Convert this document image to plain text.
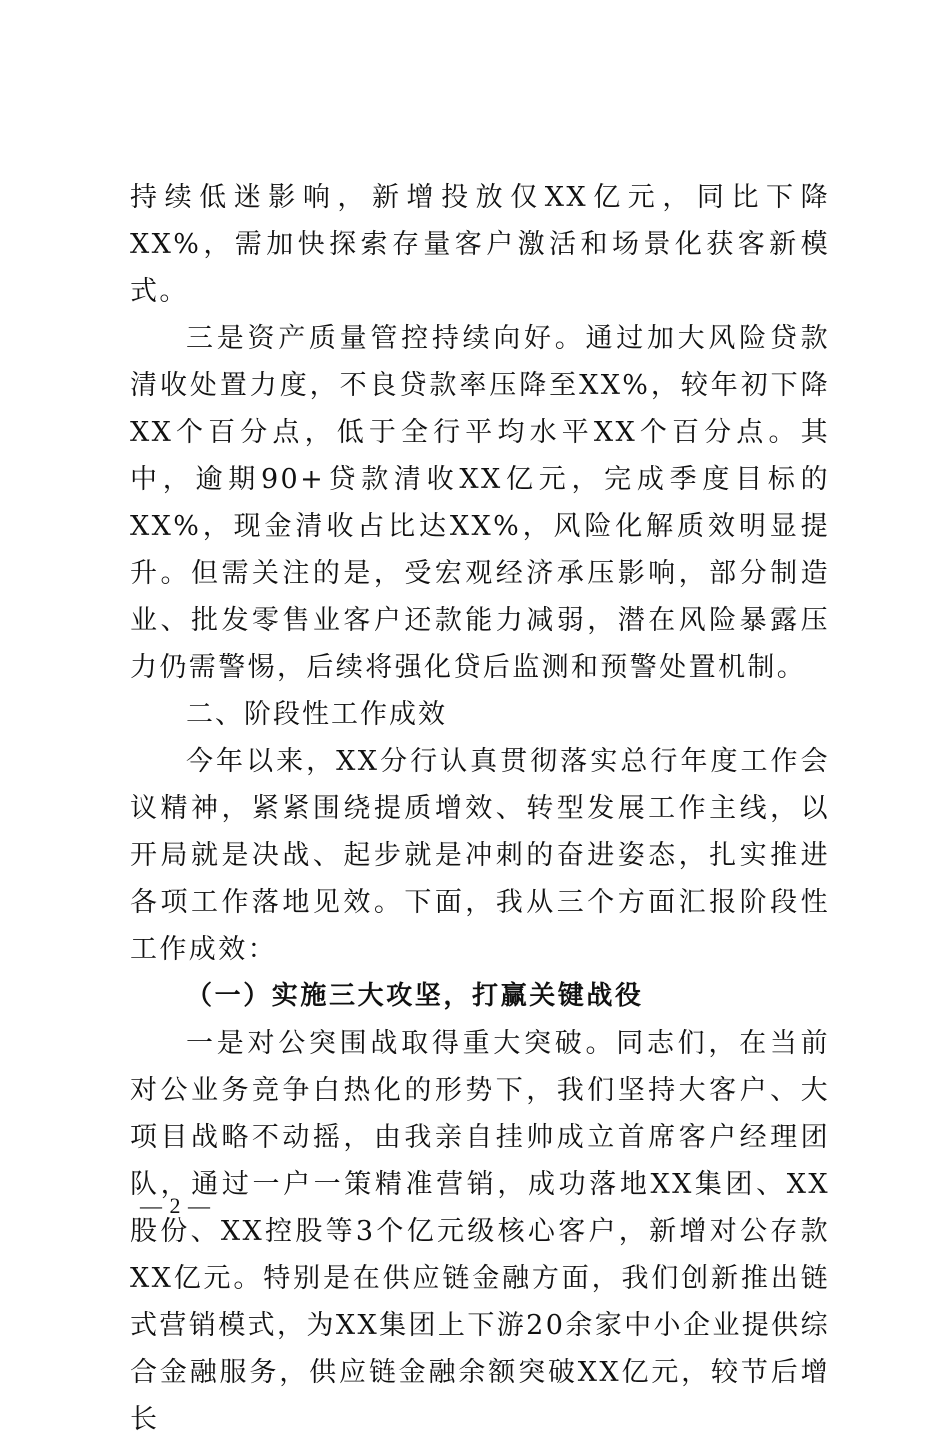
持续低迷影响，新增投放仅XX亿元，同比下降XX%，需加快探索存量客户激活和场景化获客新模式。

三是资产质量管控持续向好。通过加大风险贷款清收处置力度，不良贷款率压降至XX%，较年初下降XX个百分点，低于全行平均水平XX个百分点。其中，逾期90+贷款清收XX亿元，完成季度目标的XX%，现金清收占比达XX%，风险化解质效明显提升。但需关注的是，受宏观经济承压影响，部分制造业、批发零售业客户还款能力减弱，潜在风险暴露压力仍需警惕，后续将强化贷后监测和预警处置机制。

二、阶段性工作成效

今年以来，XX分行认真贯彻落实总行年度工作会议精神，紧紧围绕提质增效、转型发展工作主线，以开局就是决战、起步就是冲刺的奋进姿态，扎实推进各项工作落地见效。下面，我从三个方面汇报阶段性工作成效：

（一）实施三大攻坚，打赢关键战役

一是对公突围战取得重大突破。同志们，在当前对公业务竞争白热化的形势下，我们坚持大客户、大项目战略不动摇，由我亲自挂帅成立首席客户经理团队，通过一户一策精准营销，成功落地XX集团、XX股份、XX控股等3个亿元级核心客户，新增对公存款XX亿元。特别是在供应链金融方面，我们创新推出链式营销模式，为XX集团上下游20余家中小企业提供综合金融服务，供应链金融余额突破XX亿元，较节后增长

— 2 —
